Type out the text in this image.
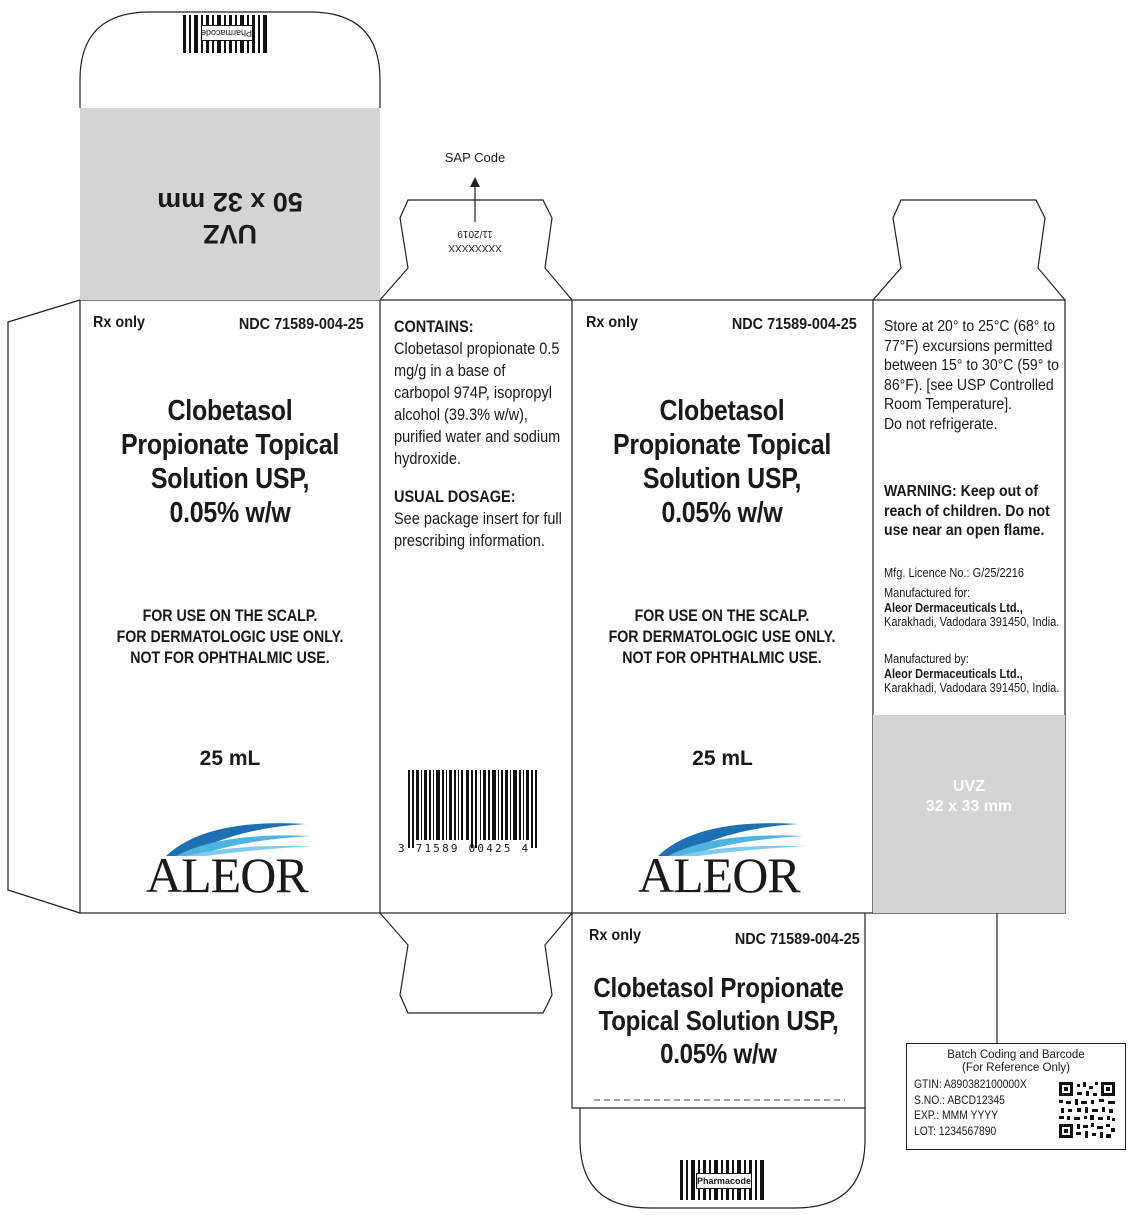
Pharmacode
UVZ
50 x 32 mm
SAP Code
XXXXXXXX
11/2019
Rx only	NDC 71589-004-25
Clobetasol
Propionate Topical
Solution USP,
0.05% w/w
FOR USE ON THE SCALP.
FOR DERMATOLOGIC USE ONLY.
NOT FOR OPHTHALMIC USE.
25 mL
ALEOR
CONTAINS:
Clobetasol propionate 0.5 mg/g in a base of carbopol 974P, isopropyl alcohol (39.3% w/w), purified water and sodium hydroxide.
USUAL DOSAGE:
See package insert for full prescribing information.
3 71589 00425 4
Rx only	NDC 71589-004-25
Clobetasol
Propionate Topical
Solution USP,
0.05% w/w
FOR USE ON THE SCALP.
FOR DERMATOLOGIC USE ONLY.
NOT FOR OPHTHALMIC USE.
25 mL
ALEOR
Store at 20° to 25°C (68° to 77°F) excursions permitted between 15° to 30°C (59° to 86°F). [see USP Controlled Room Temperature].
Do not refrigerate.
WARNING: Keep out of reach of children. Do not use near an open flame.
Mfg. Licence No.: G/25/2216
Manufactured for:
Aleor Dermaceuticals Ltd.,
Karakhadi, Vadodara 391450, India.
Manufactured by:
Aleor Dermaceuticals Ltd.,
Karakhadi, Vadodara 391450, India.
UVZ
32 x 33 mm
Rx only	NDC 71589-004-25
Clobetasol Propionate
Topical Solution USP,
0.05% w/w
Pharmacode
Batch Coding and Barcode
(For Reference Only)
GTIN: A890382100000X
S.NO.: ABCD12345
EXP.: MMM YYYY
LOT: 1234567890
